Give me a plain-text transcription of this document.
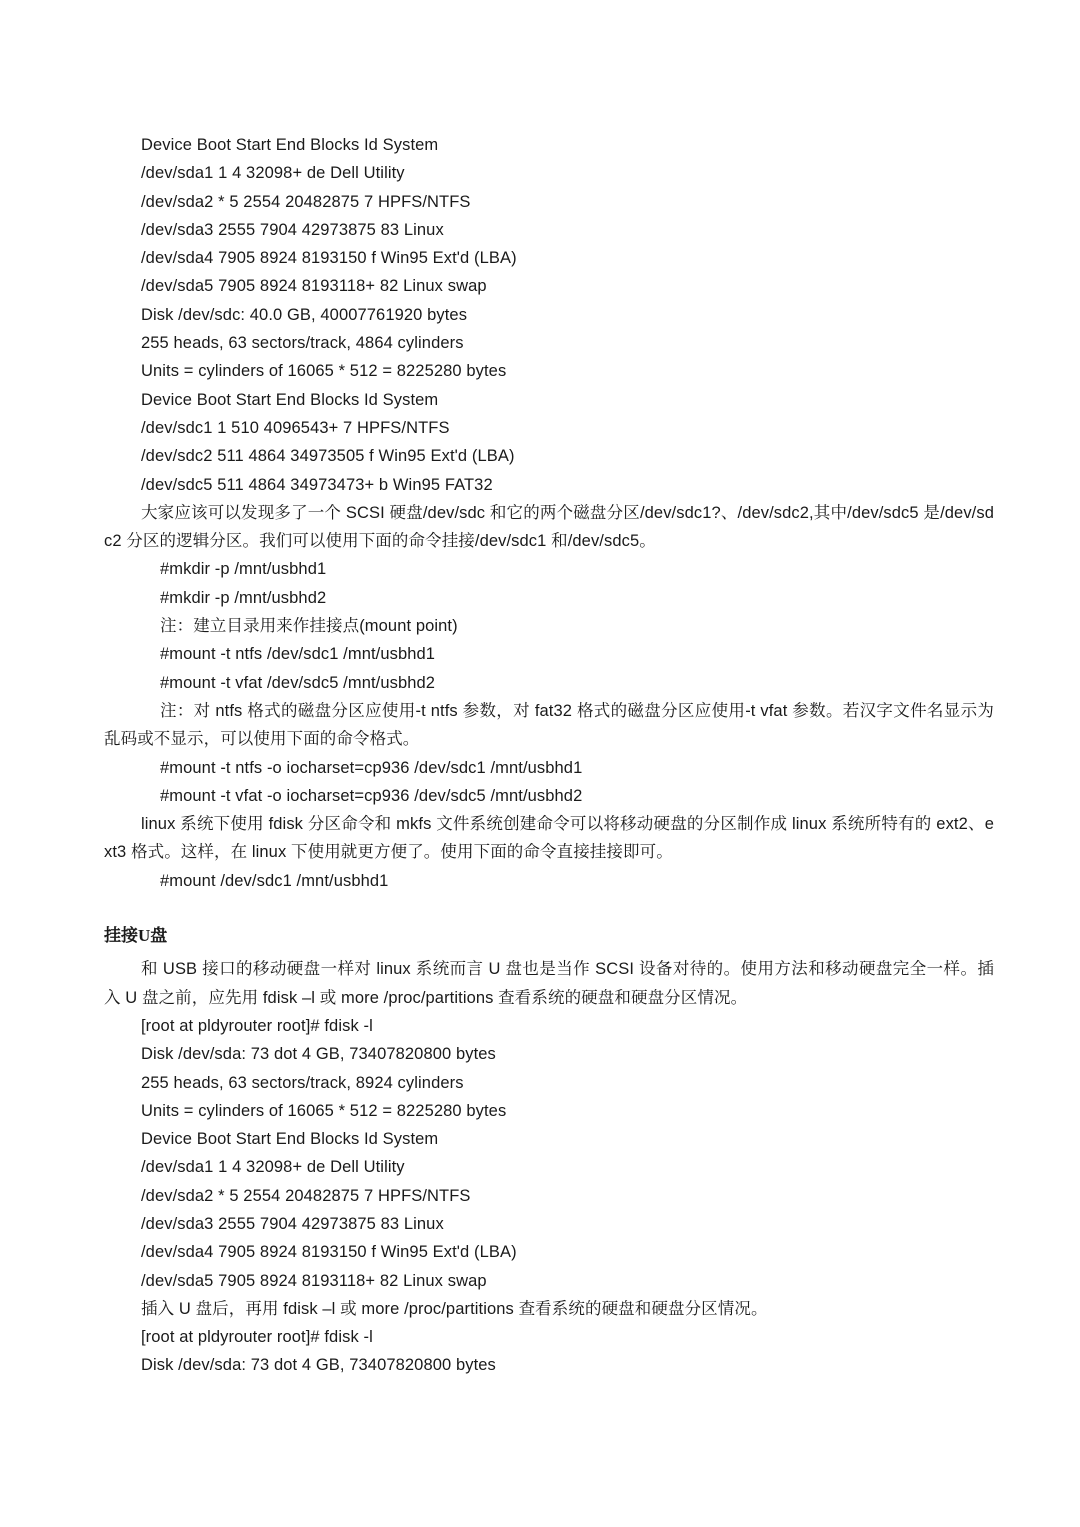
Device Boot Start End Blocks Id System
/dev/sda1 1 4 32098+ de Dell Utility
/dev/sda2 * 5 2554 20482875 7 HPFS/NTFS
/dev/sda3 2555 7904 42973875 83 Linux
/dev/sda4 7905 8924 8193150 f Win95 Ext'd (LBA)
/dev/sda5 7905 8924 8193118+ 82 Linux swap
Disk /dev/sdc: 40.0 GB, 40007761920 bytes
255 heads, 63 sectors/track, 4864 cylinders
Units = cylinders of 16065 * 512 = 8225280 bytes
Device Boot Start End Blocks Id System
/dev/sdc1 1 510 4096543+ 7 HPFS/NTFS
/dev/sdc2 511 4864 34973505 f Win95 Ext'd (LBA)
/dev/sdc5 511 4864 34973473+ b Win95 FAT32
大家应该可以发现多了一个 SCSI 硬盘/dev/sdc 和它的两个磁盘分区/dev/sdc1?、/dev/sdc2,其中/dev/sdc5 是/dev/sdc2 分区的逻辑分区。我们可以使用下面的命令挂接/dev/sdc1 和/dev/sdc5。
#mkdir -p /mnt/usbhd1
#mkdir -p /mnt/usbhd2
注：建立目录用来作挂接点(mount point)
#mount -t ntfs /dev/sdc1 /mnt/usbhd1
#mount -t vfat /dev/sdc5 /mnt/usbhd2
注：对 ntfs 格式的磁盘分区应使用-t ntfs 参数，对 fat32 格式的磁盘分区应使用-t vfat 参数。若汉字文件名显示为乱码或不显示，可以使用下面的命令格式。
#mount -t ntfs -o iocharset=cp936 /dev/sdc1 /mnt/usbhd1
#mount -t vfat -o iocharset=cp936 /dev/sdc5 /mnt/usbhd2
linux 系统下使用 fdisk 分区命令和 mkfs 文件系统创建命令可以将移动硬盘的分区制作成 linux 系统所特有的 ext2、ext3 格式。这样，在 linux 下使用就更方便了。使用下面的命令直接挂接即可。
#mount /dev/sdc1 /mnt/usbhd1
挂接U盘
和 USB 接口的移动硬盘一样对 linux 系统而言 U 盘也是当作 SCSI 设备对待的。使用方法和移动硬盘完全一样。插入 U 盘之前，应先用 fdisk –l 或 more /proc/partitions 查看系统的硬盘和硬盘分区情况。
[root at pldyrouter root]# fdisk -l
Disk /dev/sda: 73 dot 4 GB, 73407820800 bytes
255 heads, 63 sectors/track, 8924 cylinders
Units = cylinders of 16065 * 512 = 8225280 bytes
Device Boot Start End Blocks Id System
/dev/sda1 1 4 32098+ de Dell Utility
/dev/sda2 * 5 2554 20482875 7 HPFS/NTFS
/dev/sda3 2555 7904 42973875 83 Linux
/dev/sda4 7905 8924 8193150 f Win95 Ext'd (LBA)
/dev/sda5 7905 8924 8193118+ 82 Linux swap
插入 U 盘后，再用 fdisk –l 或 more /proc/partitions 查看系统的硬盘和硬盘分区情况。
[root at pldyrouter root]# fdisk -l
Disk /dev/sda: 73 dot 4 GB, 73407820800 bytes
